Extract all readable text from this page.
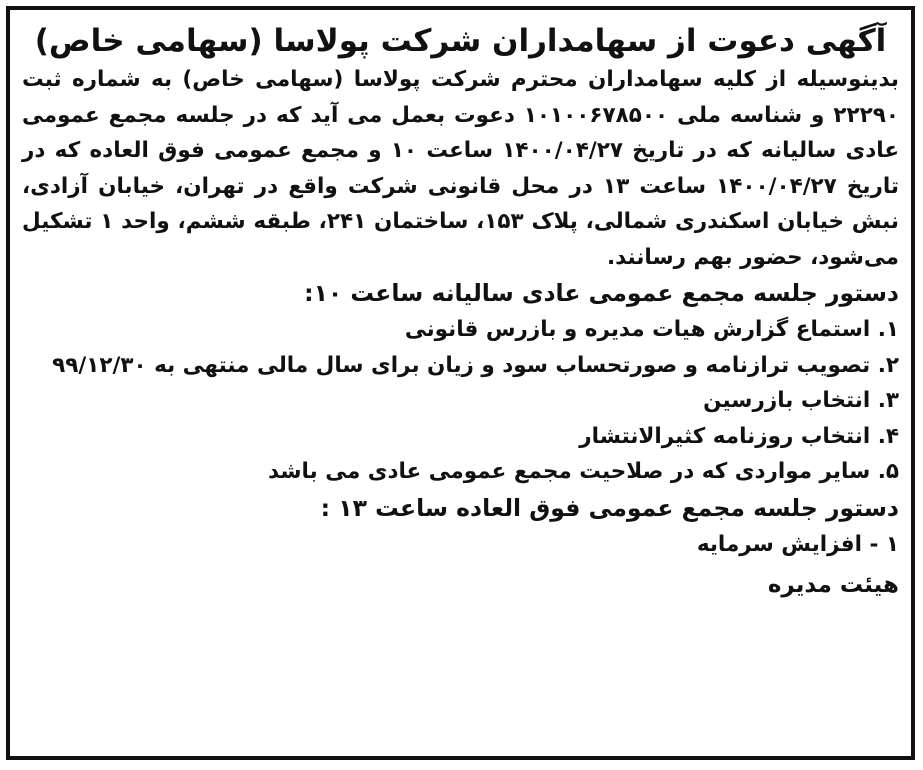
آگهی دعوت از سهامداران شرکت پولاسا (سهامی خاص)

بدینوسیله از کلیه سهامداران محترم شرکت پولاسا (سهامی خاص) به شماره ثبت ۲۲۲۹۰ و شناسه ملی ۱۰۱۰۰۶۷۸۵۰۰ دعوت بعمل می آید که در جلسه مجمع عمومی عادی سالیانه که در تاریخ ۱۴۰۰/۰۴/۲۷ ساعت ۱۰ و مجمع عمومی فوق العاده که در تاریخ ۱۴۰۰/۰۴/۲۷ ساعت ۱۳ در محل قانونی شرکت واقع در تهران، خیابان آزادی، نبش خیابان اسکندری شمالی، پلاک ۱۵۳، ساختمان ۲۴۱، طبقه ششم، واحد ۱ تشکیل می‌شود، حضور بهم رسانند.

دستور جلسه مجمع عمومی عادی سالیانه ساعت ۱۰:
۱. استماع گزارش هیات مدیره و بازرس قانونی
۲. تصویب ترازنامه و صورتحساب سود و زیان برای سال مالی منتهی به ۹۹/۱۲/۳۰
۳. انتخاب بازرسین
۴. انتخاب روزنامه کثیرالانتشار
۵. سایر مواردی که در صلاحیت مجمع عمومی عادی می باشد
دستور جلسه مجمع عمومی فوق العاده ساعت ۱۳ :
۱ - افزایش سرمایه

هیئت مدیره
